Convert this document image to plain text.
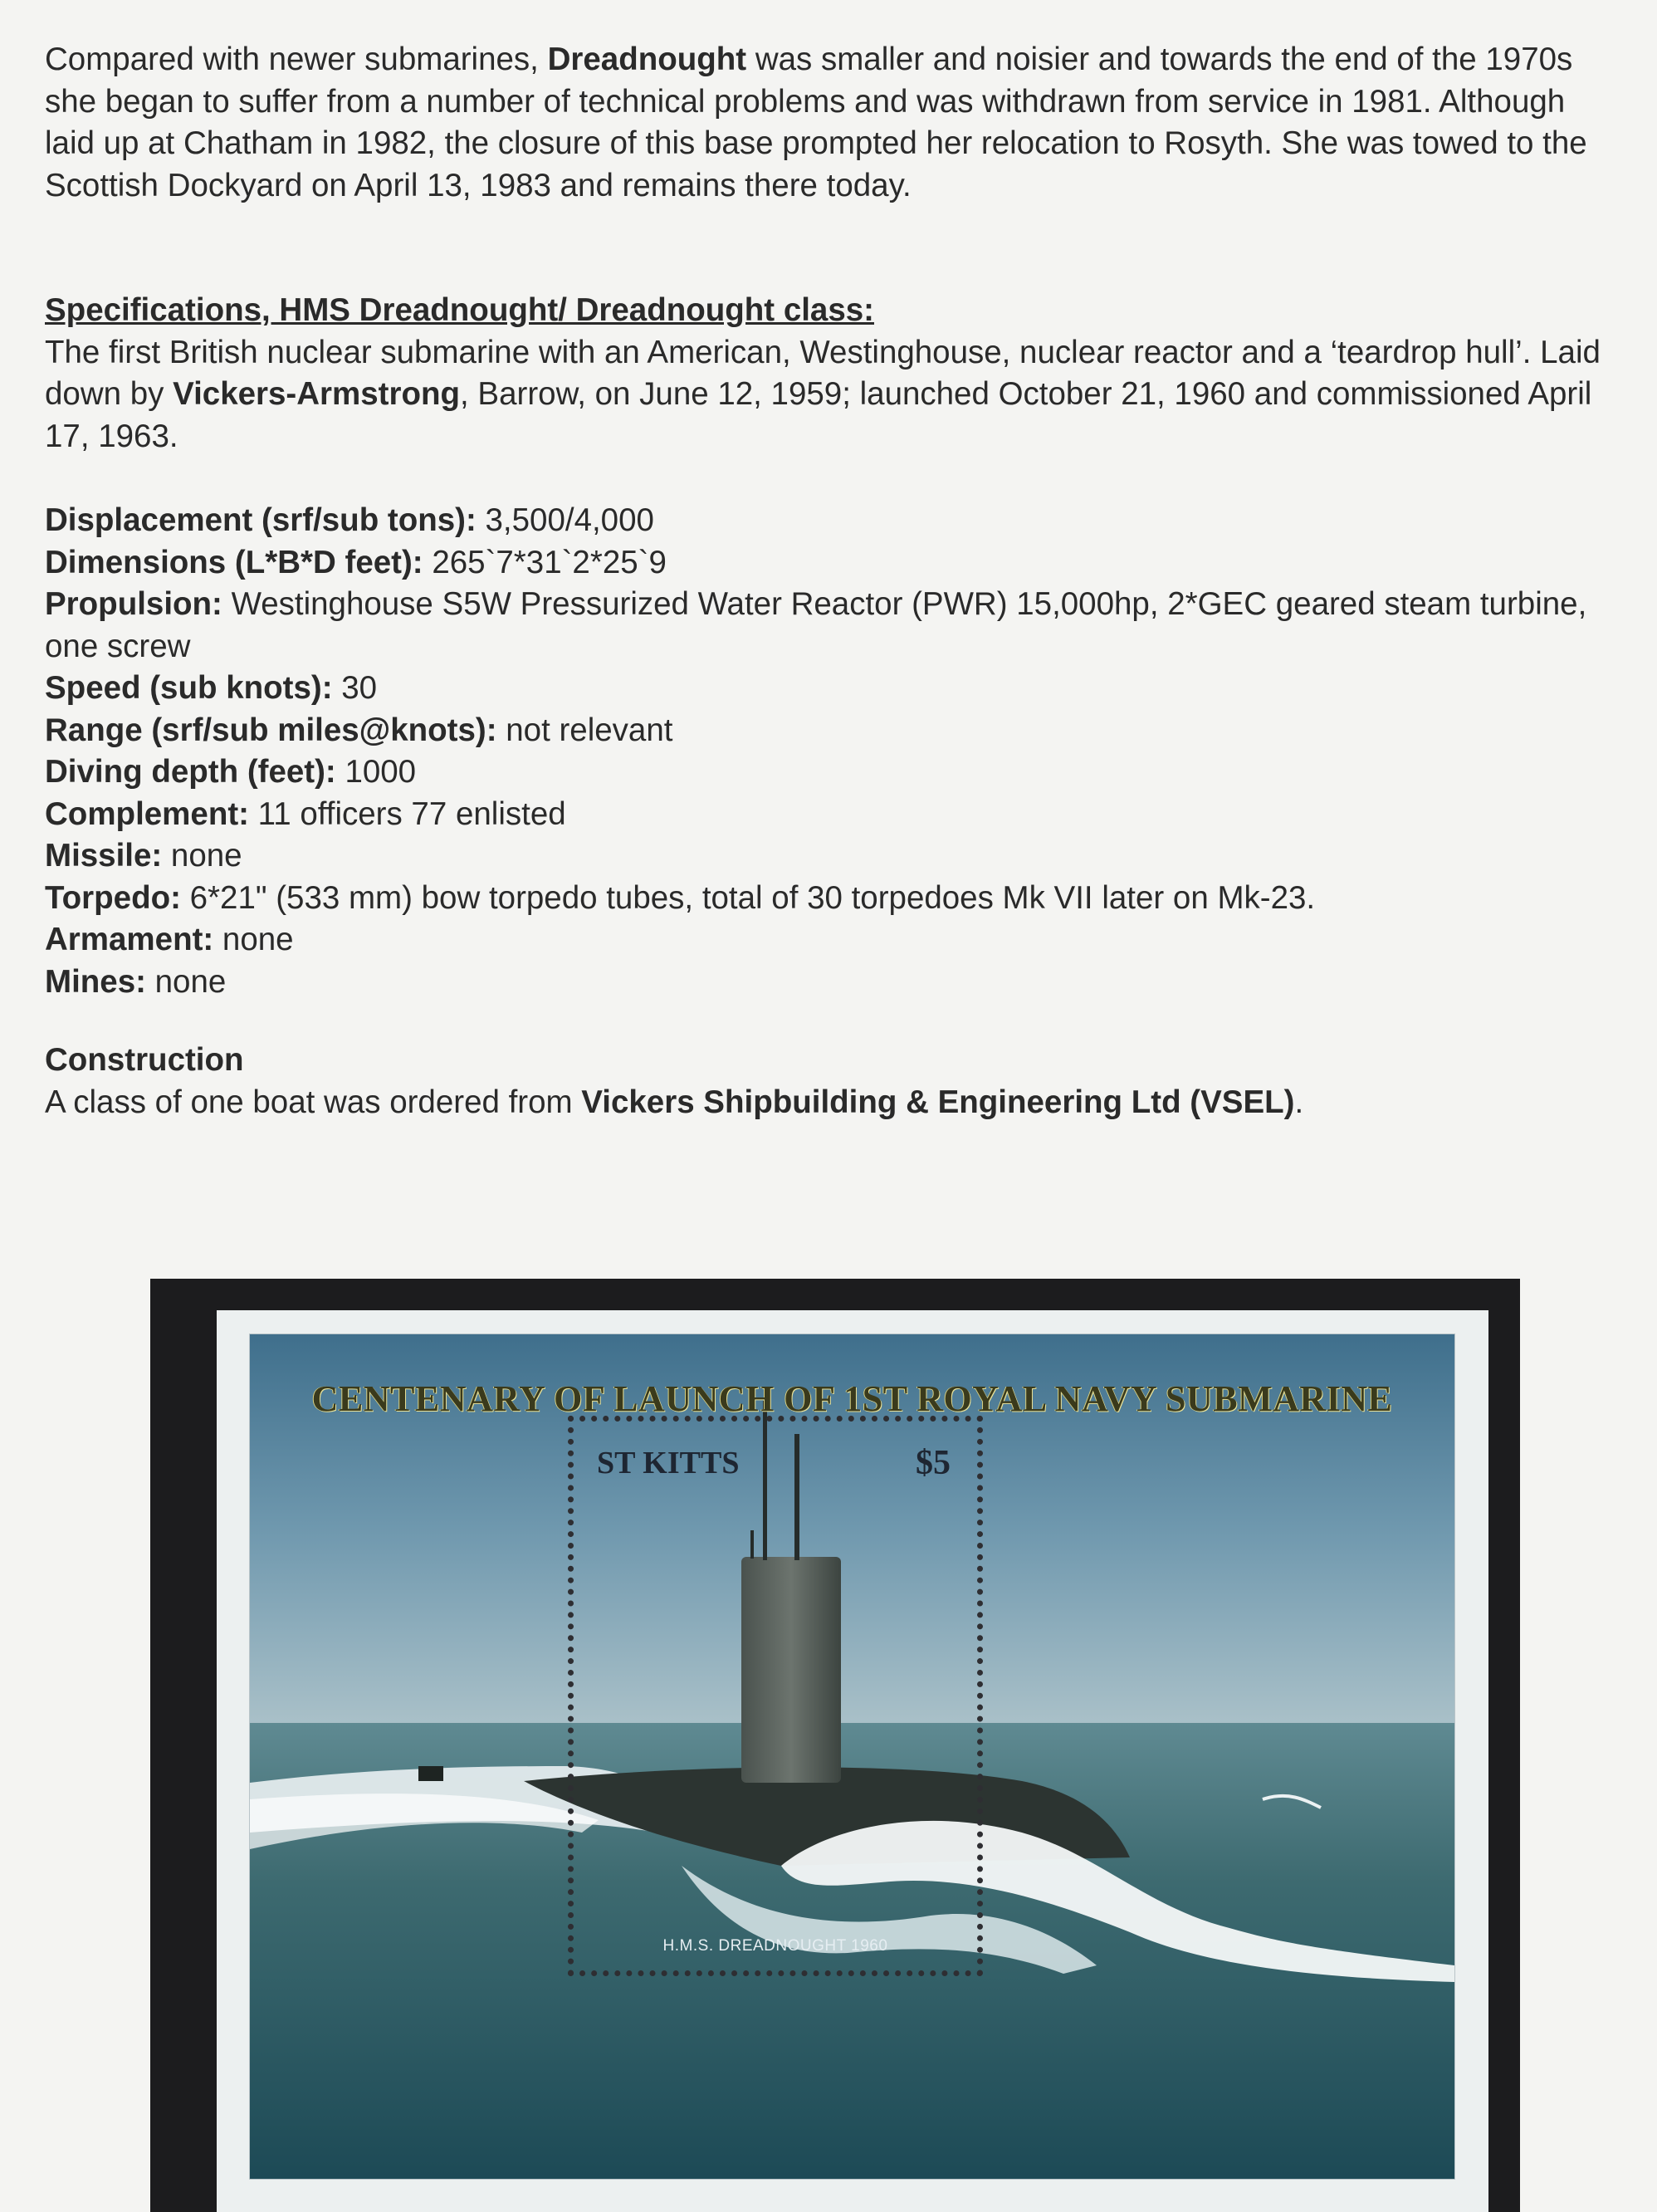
Compared with newer submarines, Dreadnought was smaller and noisier and towards the end of the 1970s she began to suffer from a number of technical problems and was withdrawn from service in 1981. Although laid up at Chatham in 1982, the closure of this base prompted her relocation to Rosyth. She was towed to the Scottish Dockyard on April 13, 1983 and remains there today.

Specifications, HMS Dreadnought/ Dreadnought class:

The first British nuclear submarine with an American, Westinghouse, nuclear reactor and a ‘teardrop hull’. Laid down by Vickers-Armstrong, Barrow, on June 12, 1959; launched October 21, 1960 and commissioned April 17, 1963.

Displacement (srf/sub tons): 3,500/4,000

Dimensions (L*B*D feet): 265`7*31`2*25`9

Propulsion: Westinghouse S5W Pressurized Water Reactor (PWR) 15,000hp, 2*GEC geared steam turbine, one screw

Speed (sub knots): 30

Range (srf/sub miles@knots): not relevant

Diving depth (feet): 1000

Complement: 11 officers 77 enlisted

Missile: none

Torpedo: 6*21" (533 mm) bow torpedo tubes, total of 30 torpedoes Mk VII later on Mk-23.

Armament: none

Mines: none

Construction

A class of one boat was ordered from Vickers Shipbuilding & Engineering Ltd (VSEL).

CENTENARY OF LAUNCH OF 1ST ROYAL NAVY SUBMARINE
ST KITTS	$5
H.M.S. DREADNOUGHT 1960
